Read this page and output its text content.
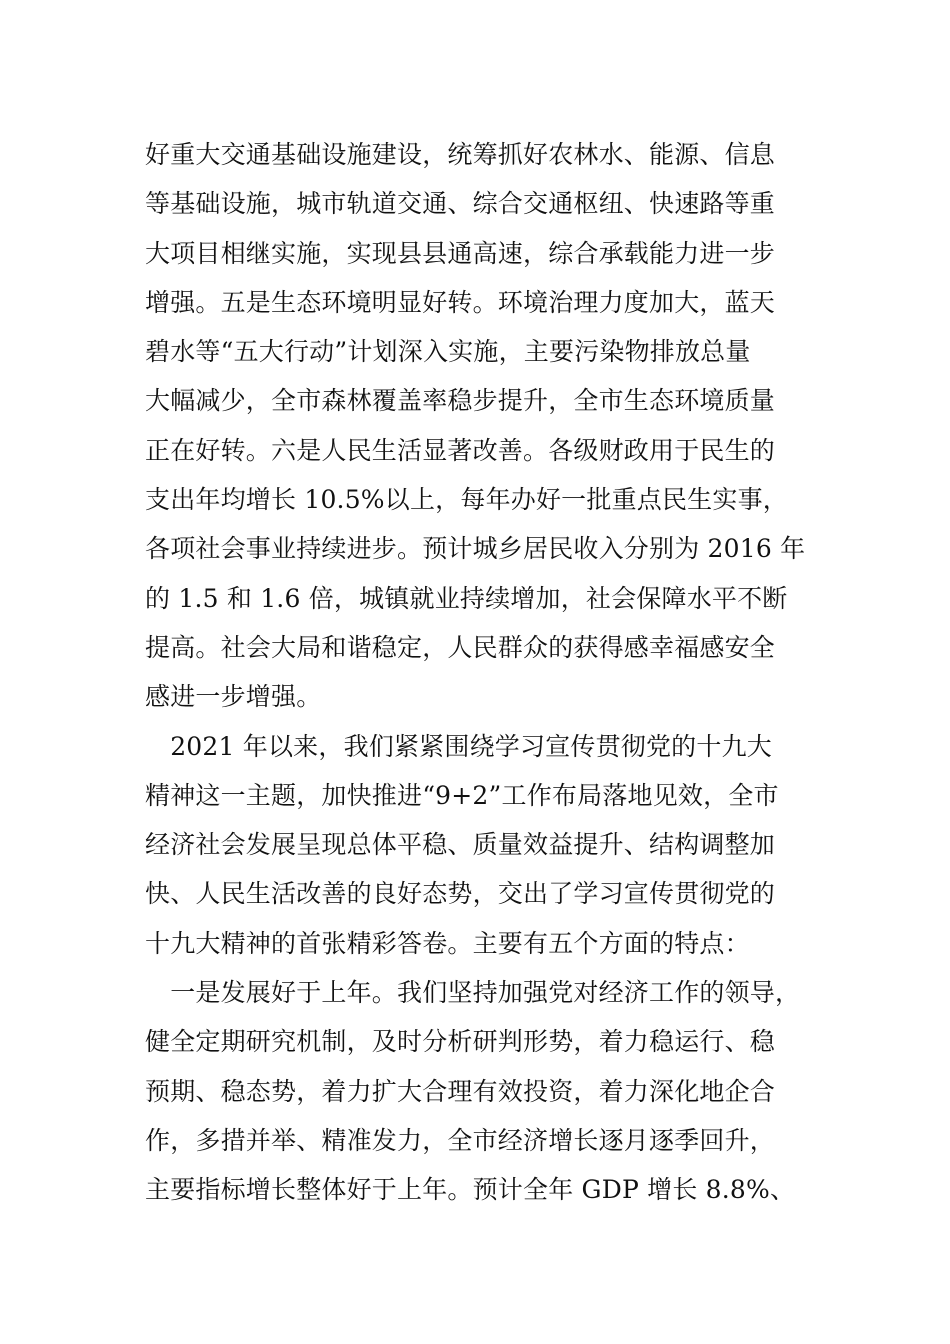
好重大交通基础设施建设，统筹抓好农林水、能源、信息
等基础设施，城市轨道交通、综合交通枢纽、快速路等重
大项目相继实施，实现县县通高速，综合承载能力进一步
增强。五是生态环境明显好转。环境治理力度加大，蓝天
碧水等“五大行动”计划深入实施，主要污染物排放总量
大幅减少，全市森林覆盖率稳步提升，全市生态环境质量
正在好转。六是人民生活显著改善。各级财政用于民生的
支出年均增长 10.5%以上，每年办好一批重点民生实事，
各项社会事业持续进步。预计城乡居民收入分别为 2016 年
的 1.5 和 1.6 倍，城镇就业持续增加，社会保障水平不断
提高。社会大局和谐稳定，人民群众的获得感幸福感安全
感进一步增强。
　2021 年以来，我们紧紧围绕学习宣传贯彻党的十九大
精神这一主题，加快推进“9+2”工作布局落地见效，全市
经济社会发展呈现总体平稳、质量效益提升、结构调整加
快、人民生活改善的良好态势，交出了学习宣传贯彻党的
十九大精神的首张精彩答卷。主要有五个方面的特点：
　一是发展好于上年。我们坚持加强党对经济工作的领导，
健全定期研究机制，及时分析研判形势，着力稳运行、稳
预期、稳态势，着力扩大合理有效投资，着力深化地企合
作，多措并举、精准发力，全市经济增长逐月逐季回升，
主要指标增长整体好于上年。预计全年 GDP 增长 8.8%、
